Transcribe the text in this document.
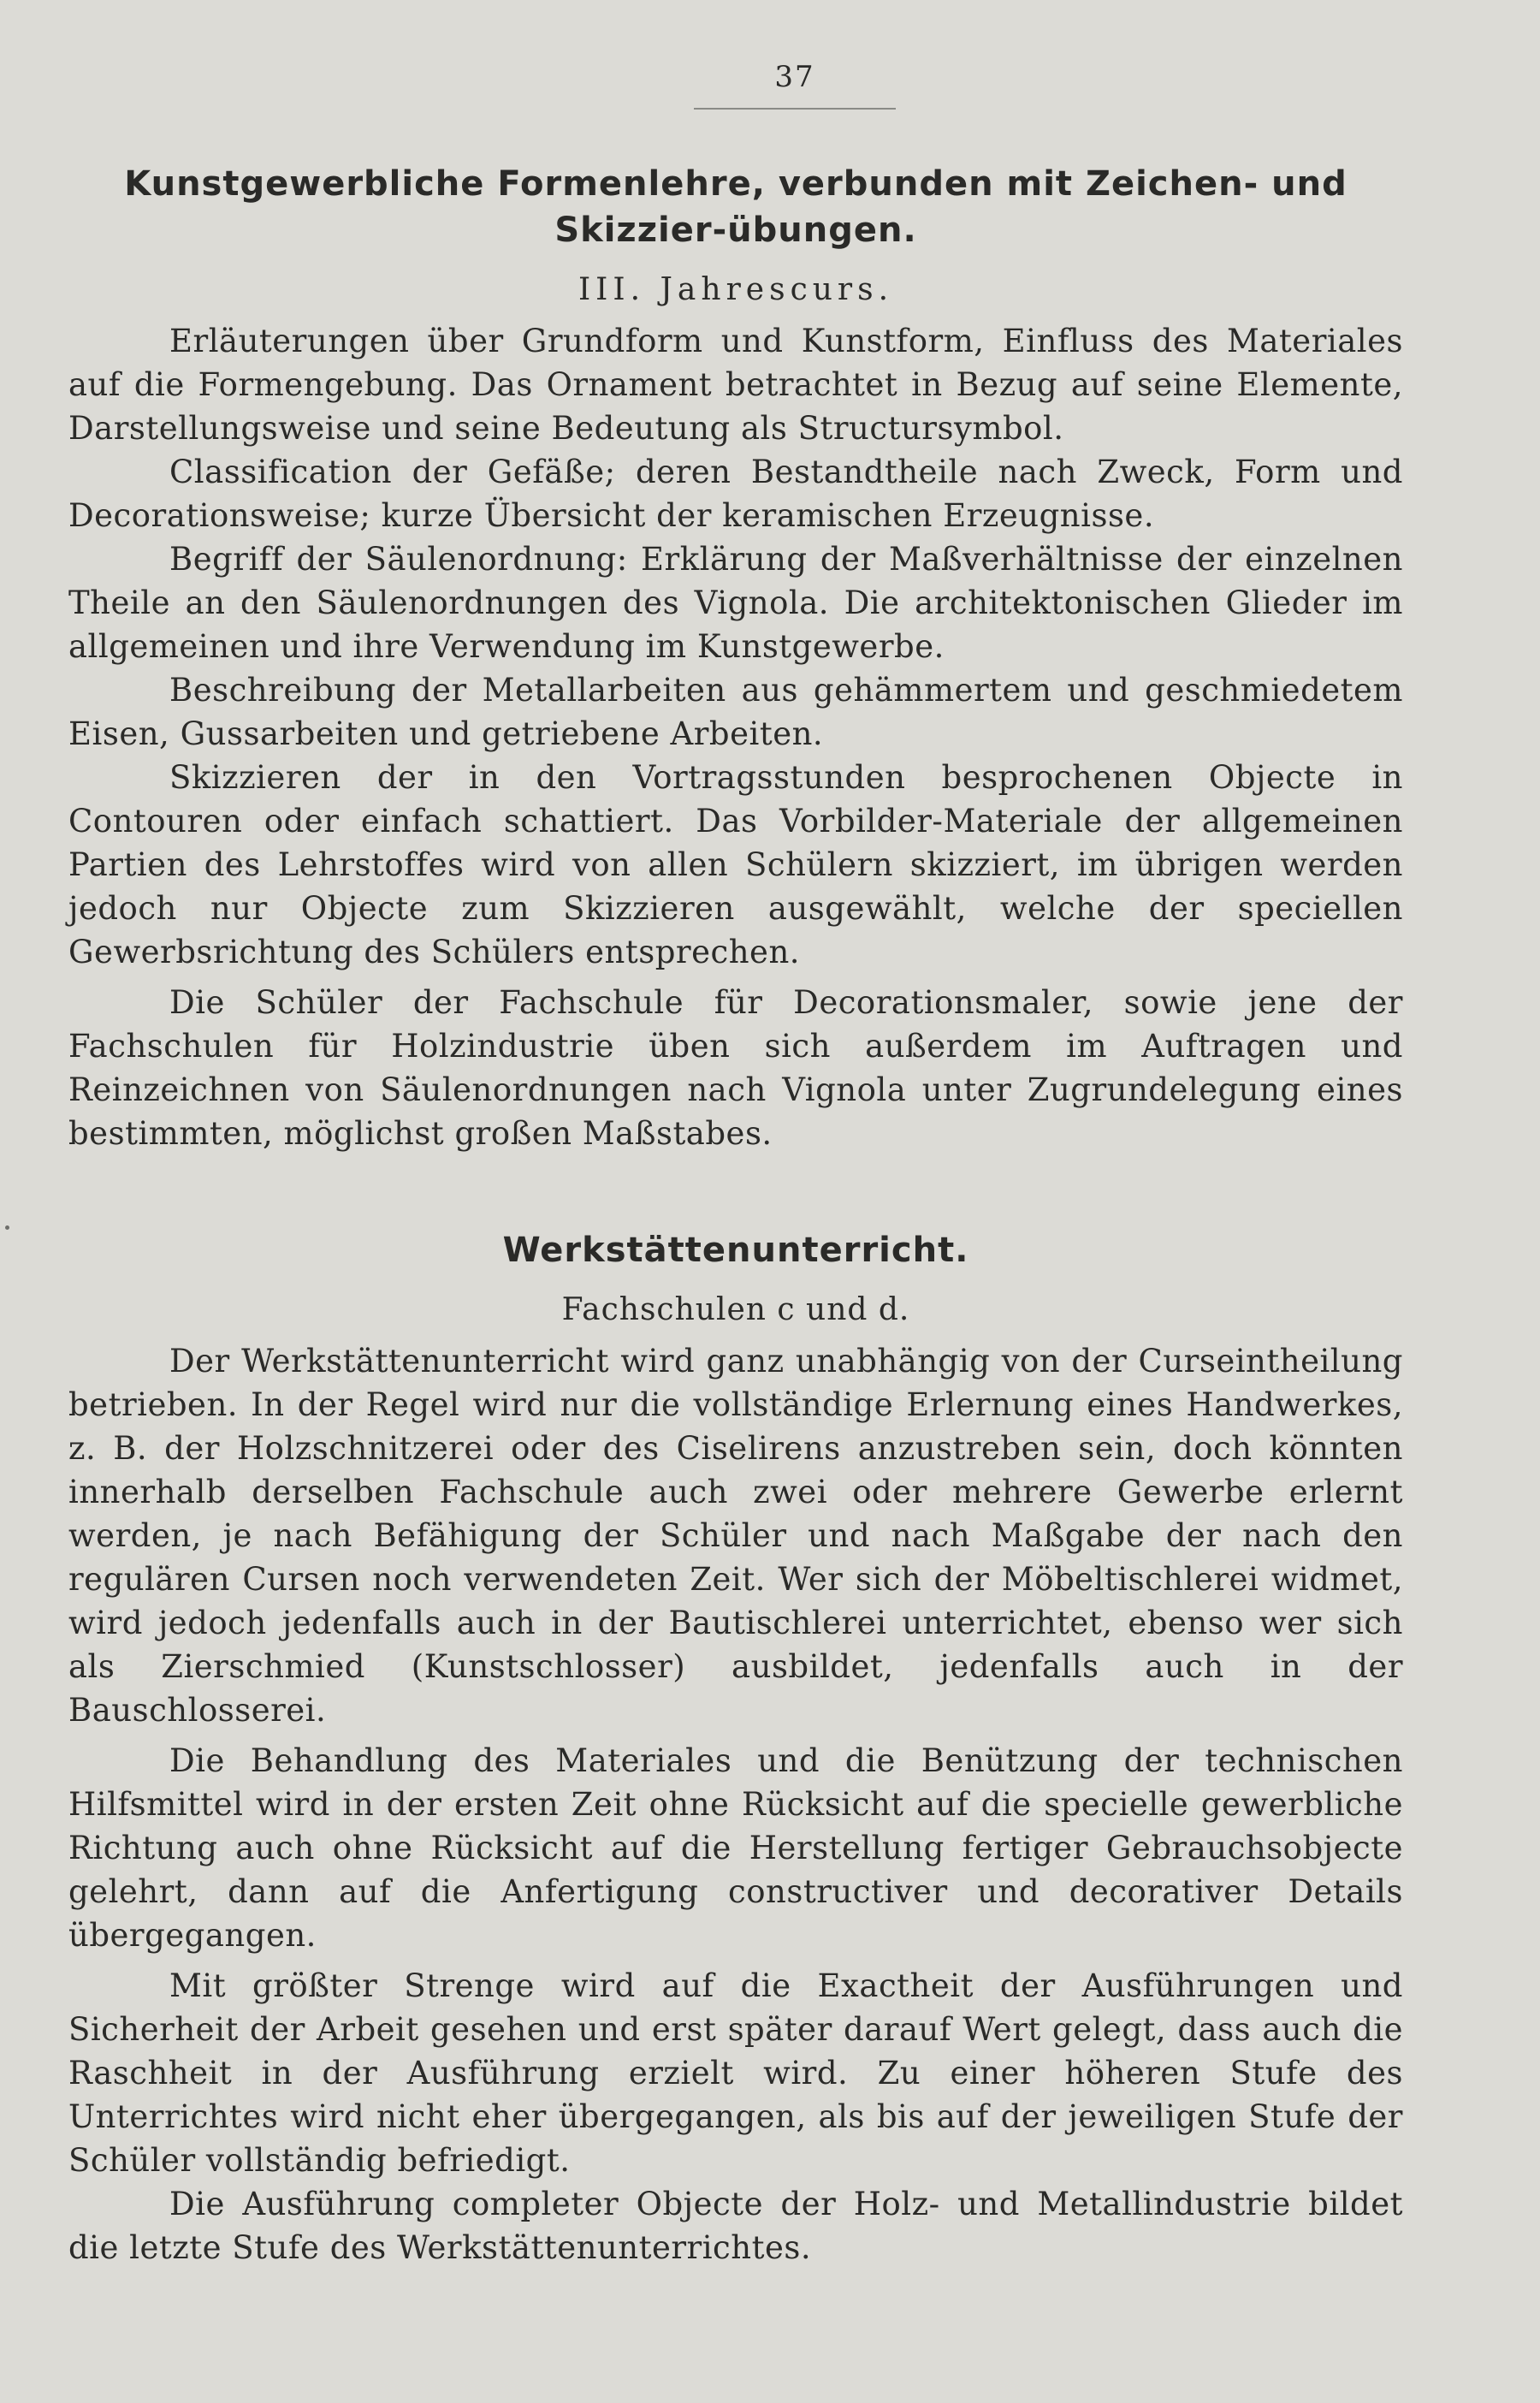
37

Kunstgewerbliche Formenlehre, verbunden mit Zeichen- und Skizzier-übungen.

III. Jahrescurs.

Erläuterungen über Grundform und Kunstform, Einfluss des Materiales auf die Formengebung. Das Ornament betrachtet in Bezug auf seine Elemente, Darstellungsweise und seine Bedeutung als Structursymbol.

Classification der Gefäße; deren Bestandtheile nach Zweck, Form und Decorationsweise; kurze Übersicht der keramischen Erzeugnisse.

Begriff der Säulenordnung: Erklärung der Maßverhältnisse der einzelnen Theile an den Säulenordnungen des Vignola. Die architektonischen Glieder im allgemeinen und ihre Verwendung im Kunstgewerbe.

Beschreibung der Metallarbeiten aus gehämmertem und geschmiedetem Eisen, Gussarbeiten und getriebene Arbeiten.

Skizzieren der in den Vortragsstunden besprochenen Objecte in Contouren oder einfach schattiert. Das Vorbilder-Materiale der allgemeinen Partien des Lehrstoffes wird von allen Schülern skizziert, im übrigen werden jedoch nur Objecte zum Skizzieren ausgewählt, welche der speciellen Gewerbsrichtung des Schülers entsprechen.

Die Schüler der Fachschule für Decorationsmaler, sowie jene der Fachschulen für Holzindustrie üben sich außerdem im Auftragen und Reinzeichnen von Säulenordnungen nach Vignola unter Zugrundelegung eines bestimmten, möglichst großen Maßstabes.

Werkstättenunterricht.

Fachschulen c und d.

Der Werkstättenunterricht wird ganz unabhängig von der Curseintheilung betrieben. In der Regel wird nur die vollständige Erlernung eines Handwerkes, z. B. der Holzschnitzerei oder des Ciselirens anzustreben sein, doch könnten innerhalb derselben Fachschule auch zwei oder mehrere Gewerbe erlernt werden, je nach Befähigung der Schüler und nach Maßgabe der nach den regulären Cursen noch verwendeten Zeit. Wer sich der Möbeltischlerei widmet, wird jedoch jedenfalls auch in der Bautischlerei unterrichtet, ebenso wer sich als Zierschmied (Kunstschlosser) ausbildet, jedenfalls auch in der Bauschlosserei.

Die Behandlung des Materiales und die Benützung der technischen Hilfsmittel wird in der ersten Zeit ohne Rücksicht auf die specielle gewerbliche Richtung auch ohne Rücksicht auf die Herstellung fertiger Gebrauchsobjecte gelehrt, dann auf die Anfertigung constructiver und decorativer Details übergegangen.

Mit größter Strenge wird auf die Exactheit der Ausführungen und Sicherheit der Arbeit gesehen und erst später darauf Wert gelegt, dass auch die Raschheit in der Ausführung erzielt wird. Zu einer höheren Stufe des Unterrichtes wird nicht eher übergegangen, als bis auf der jeweiligen Stufe der Schüler vollständig befriedigt.

Die Ausführung completer Objecte der Holz- und Metallindustrie bildet die letzte Stufe des Werkstättenunterrichtes.
